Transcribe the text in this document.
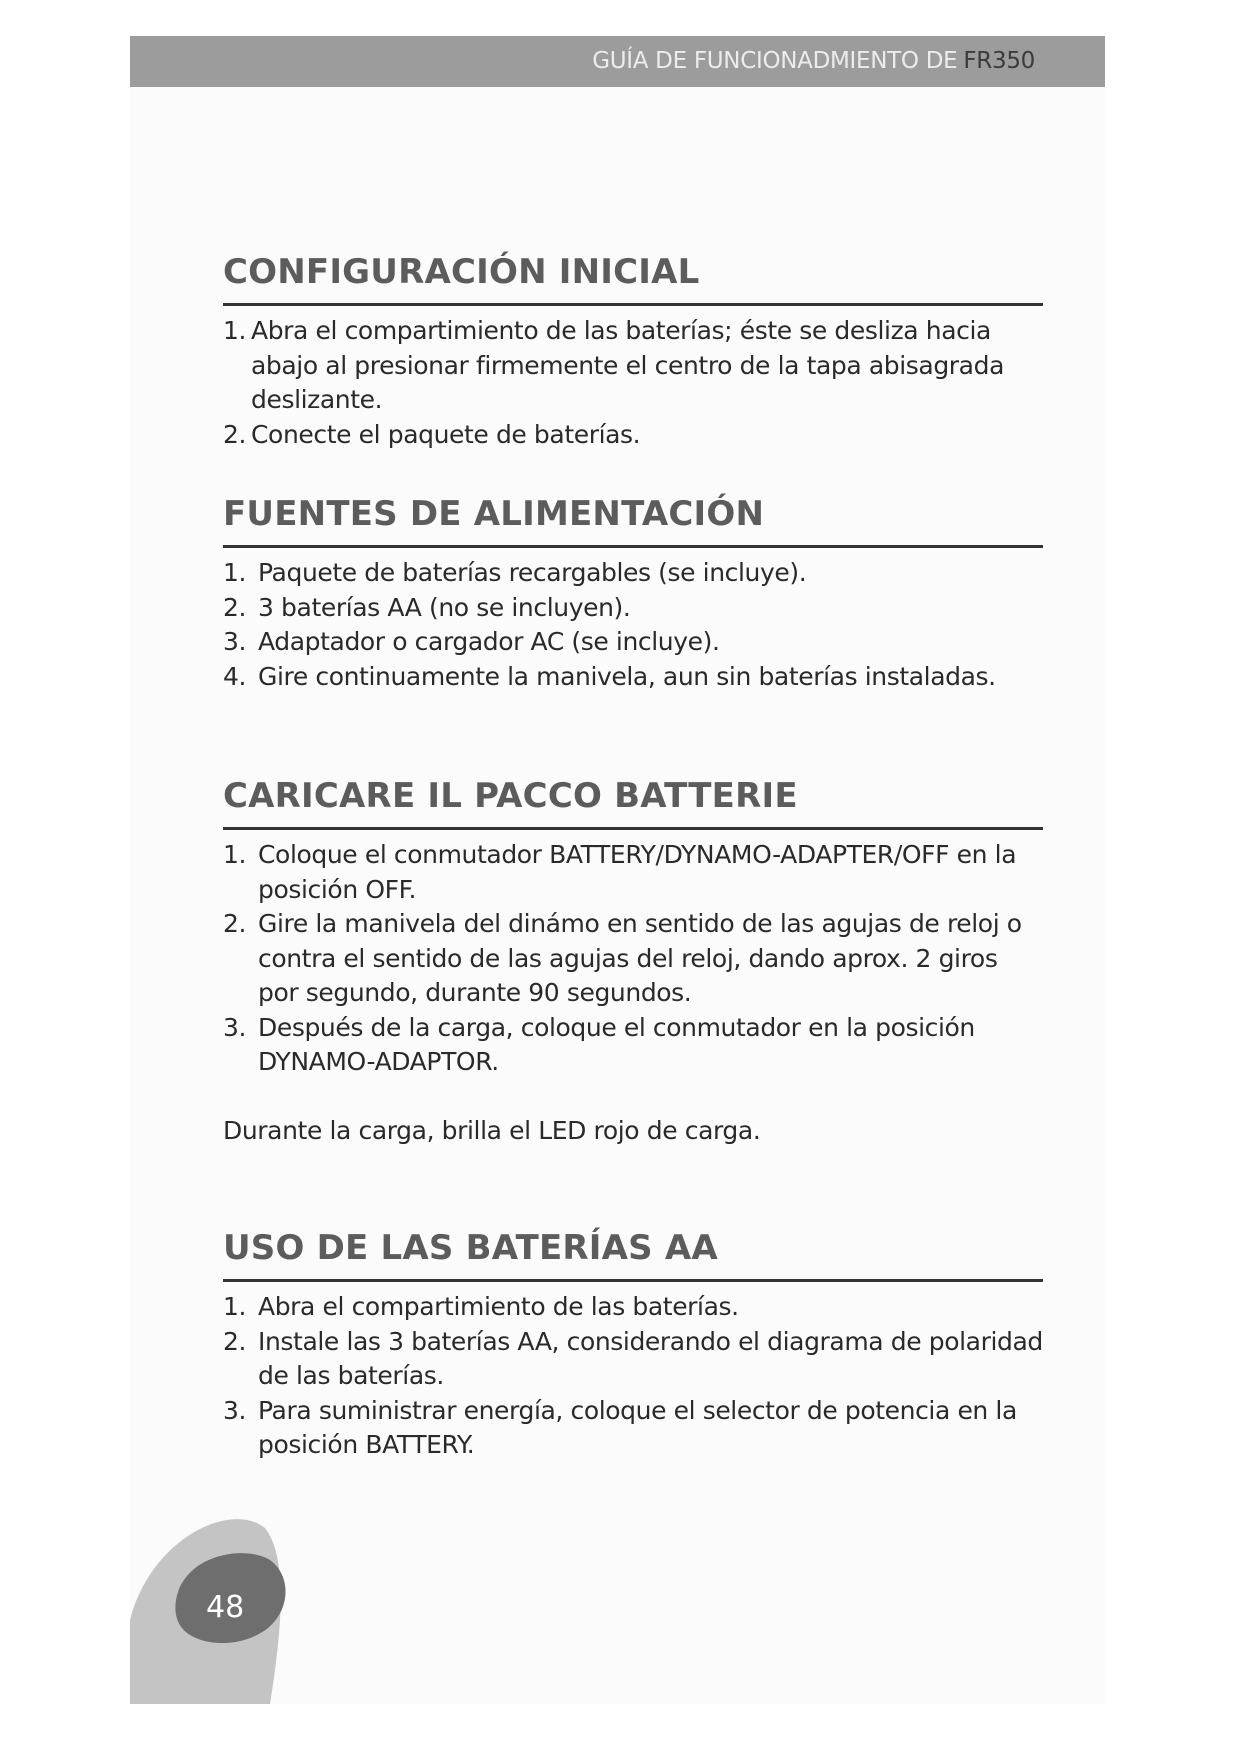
GUÍA DE FUNCIONADMIENTO DE FR350
CONFIGURACIÓN INICIAL
1. Abra el compartimiento de las baterías; éste se desliza hacia abajo al presionar firmemente el centro de la tapa abisagrada deslizante.
2. Conecte el paquete de baterías.
FUENTES DE ALIMENTACIÓN
1. Paquete de baterías recargables (se incluye).
2. 3 baterías AA (no se incluyen).
3. Adaptador o cargador AC (se incluye).
4. Gire continuamente la manivela, aun sin baterías instaladas.
CARICARE IL PACCO BATTERIE
1. Coloque el conmutador BATTERY/DYNAMO-ADAPTER/OFF en la posición OFF.
2. Gire la manivela del dinámo en sentido de las agujas de reloj o contra el sentido de las agujas del reloj, dando aprox. 2 giros por segundo, durante 90 segundos.
3. Después de la carga, coloque el conmutador en la posición DYNAMO-ADAPTOR.

Durante la carga, brilla el LED rojo de carga.

USO DE LAS BATERÍAS AA
1. Abra el compartimiento de las baterías.
2. Instale las 3 baterías AA, considerando el diagrama de polaridad de las baterías.
3. Para suministrar energía, coloque el selector de potencia en la posición BATTERY.
48
